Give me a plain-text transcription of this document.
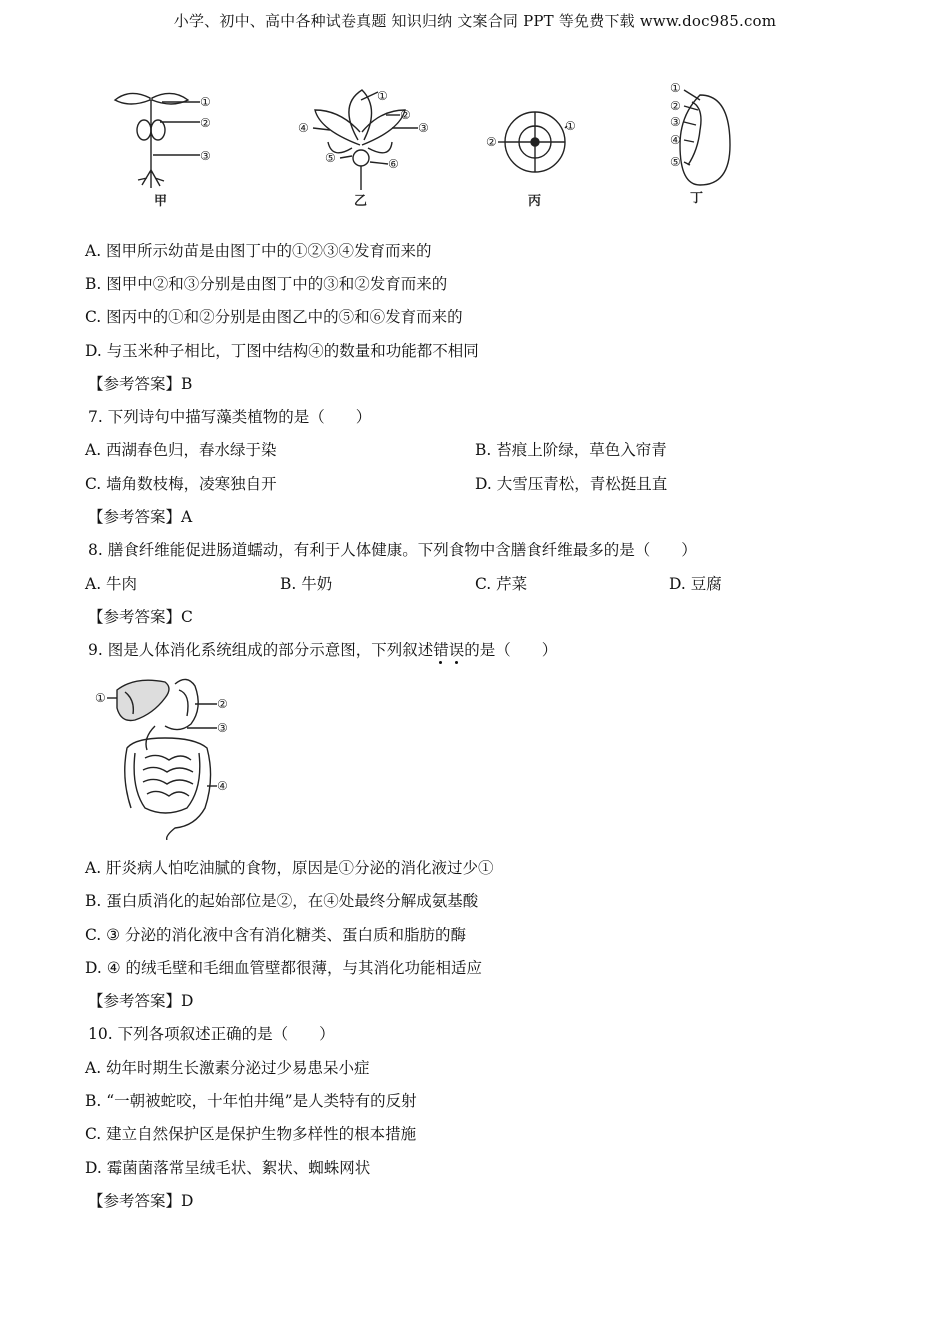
小学、初中、高中各种试卷真题 知识归纳 文案合同 PPT 等免费下载 www.doc985.com
①
②
③
①
②
③
④
⑤	⑥
①
②
①
②
③
④
⑤
甲	乙	丙	丁
A. 图甲所示幼苗是由图丁中的①②③④发育而来的
B. 图甲中②和③分别是由图丁中的③和②发育而来的
C. 图丙中的①和②分别是由图乙中的⑤和⑥发育而来的
D. 与玉米种子相比，丁图中结构④的数量和功能都不相同
【参考答案】B
7. 下列诗句中描写藻类植物的是（　　）
A. 西湖春色归，春水绿于染	B. 苔痕上阶绿，草色入帘青
C. 墙角数枝梅，凌寒独自开	D. 大雪压青松，青松挺且直
【参考答案】A
8. 膳食纤维能促进肠道蠕动，有利于人体健康。下列食物中含膳食纤维最多的是（　　）
A. 牛肉	B. 牛奶	C. 芹菜	D. 豆腐
【参考答案】C
9. 图是人体消化系统组成的部分示意图，下列叙述错
误
的是（　　）
①	②
③
④
A. 肝炎病人怕吃油腻的食物，原因是①分泌的消化液过少①
B. 蛋白质消化的起始部位是②，在④处最终分解成氨基酸
C. ③ 分泌的消化液中含有消化糖类、蛋白质和脂肪的酶
D. ④ 的绒毛壁和毛细血管壁都很薄，与其消化功能相适应
【参考答案】D
10. 下列各项叙述正确的是（　　）
A. 幼年时期生长激素分泌过少易患呆小症
B. “一朝被蛇咬，十年怕井绳”是人类特有的反射
C. 建立自然保护区是保护生物多样性的根本措施
D. 霉菌菌落常呈绒毛状、絮状、蜘蛛网状
【参考答案】D
